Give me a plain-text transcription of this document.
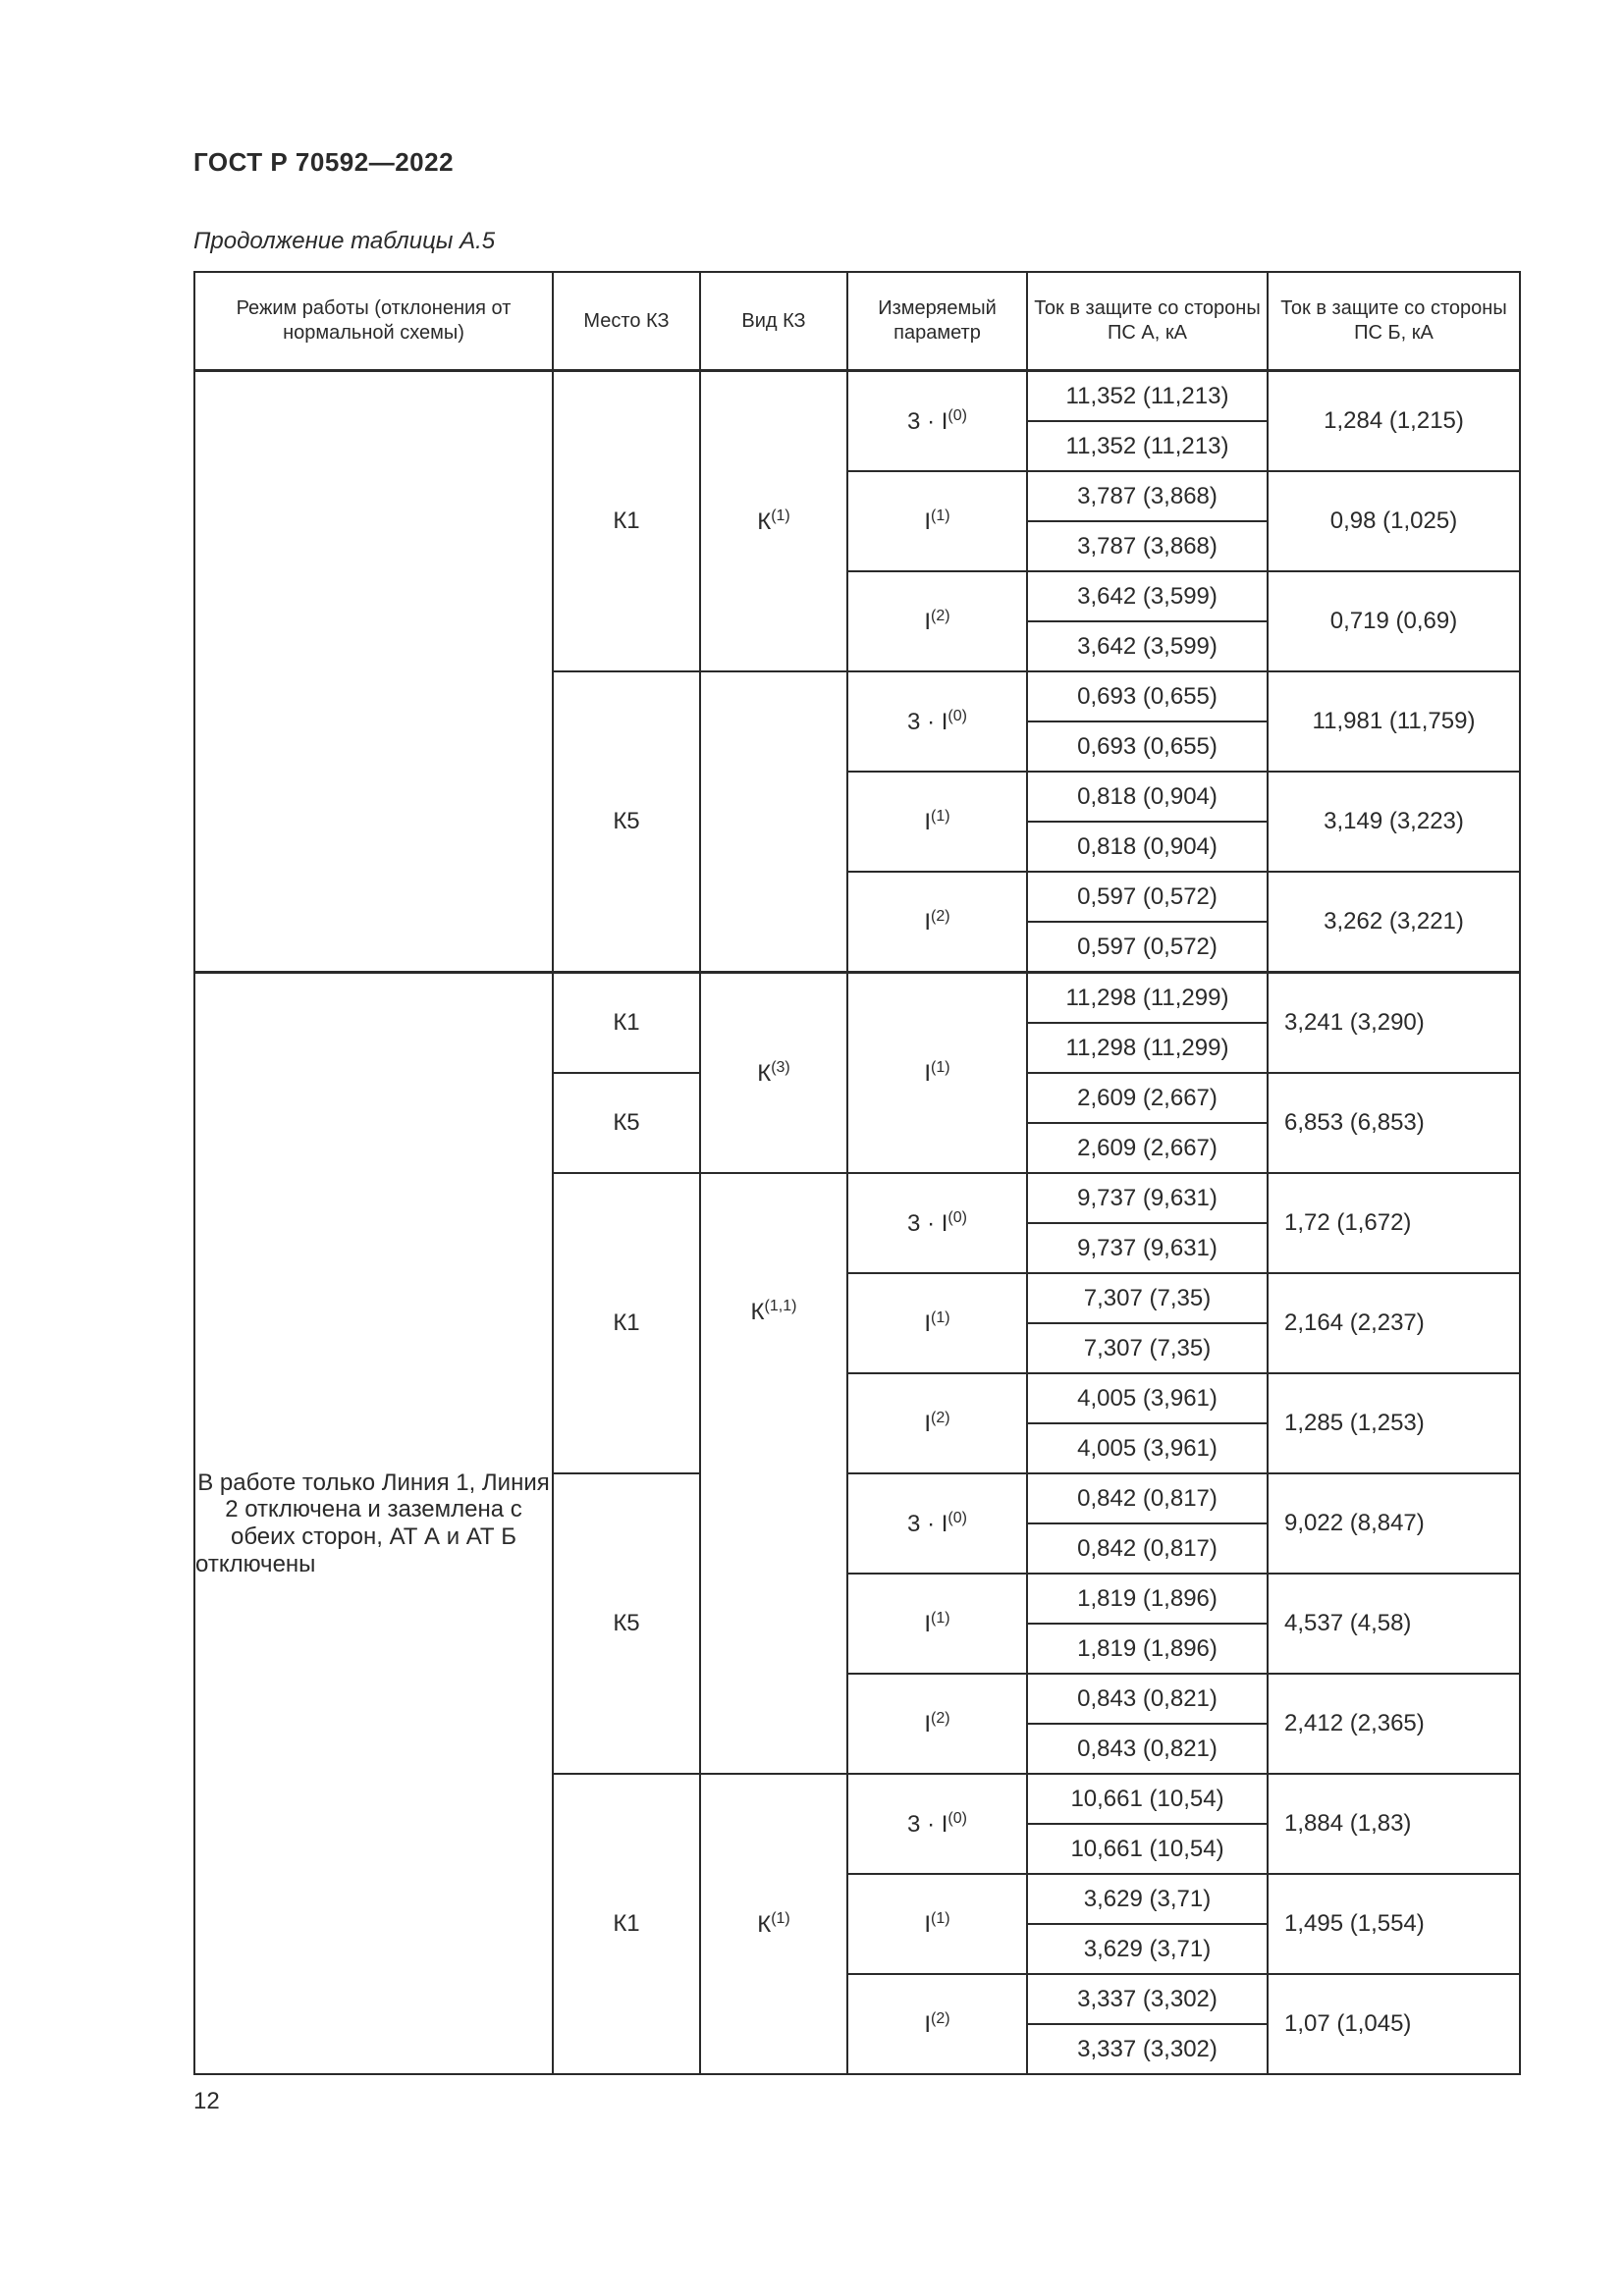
ГОСТ Р 70592—2022
Продолжение таблицы А.5
Режим работы (отклонения от нормальной схемы)	Место КЗ	Вид КЗ	Измеряемый параметр	Ток в защите со стороны ПС А, кА	Ток в защите со стороны ПС Б, кА
	К1	$К^{(1)}$	$3 \cdot I^{(0)}$	11,352 (11,213)	1,284 (1,215)
				11,352 (11,213)	
			$I^{(1)}$	3,787 (3,868)	0,98 (1,025)
				3,787 (3,868)	
			$I^{(2)}$	3,642 (3,599)	0,719 (0,69)
				3,642 (3,599)	
	К5		$3 \cdot I^{(0)}$	0,693 (0,655)	11,981 (11,759)
				0,693 (0,655)	
			$I^{(1)}$	0,818 (0,904)	3,149 (3,223)
				0,818 (0,904)	
			$I^{(2)}$	0,597 (0,572)	3,262 (3,221)
				0,597 (0,572)	
В работе только Линия 1, Линия 2 отключена и заземлена с обеих сторон, АТ А и АТ Б отключены	К1	$К^{(3)}$	$I^{(1)}$	11,298 (11,299)	3,241 (3,290)
				11,298 (11,299)	
	К5			2,609 (2,667)	6,853 (6,853)
				2,609 (2,667)	
	К1	К$^{(1,1)}$	$3 \cdot I^{(0)}$	9,737 (9,631)	1,72 (1,672)
				9,737 (9,631)	
			$I^{(1)}$	7,307 (7,35)	2,164 (2,237)
				7,307 (7,35)	
			$I^{(2)}$	4,005 (3,961)	1,285 (1,253)
				4,005 (3,961)	
	К5		$3 \cdot I^{(0)}$	0,842 (0,817)	9,022 (8,847)
				0,842 (0,817)	
			$I^{(1)}$	1,819 (1,896)	4,537 (4,58)
				1,819 (1,896)	
			$I^{(2)}$	0,843 (0,821)	2,412 (2,365)
				0,843 (0,821)	
	К1	$К^{(1)}$	$3 \cdot I^{(0)}$	10,661 (10,54)	1,884 (1,83)
				10,661 (10,54)	
			$I^{(1)}$	3,629 (3,71)	1,495 (1,554)
				3,629 (3,71)	
			$I^{(2)}$	3,337 (3,302)	1,07 (1,045)
				3,337 (3,302)	
12
